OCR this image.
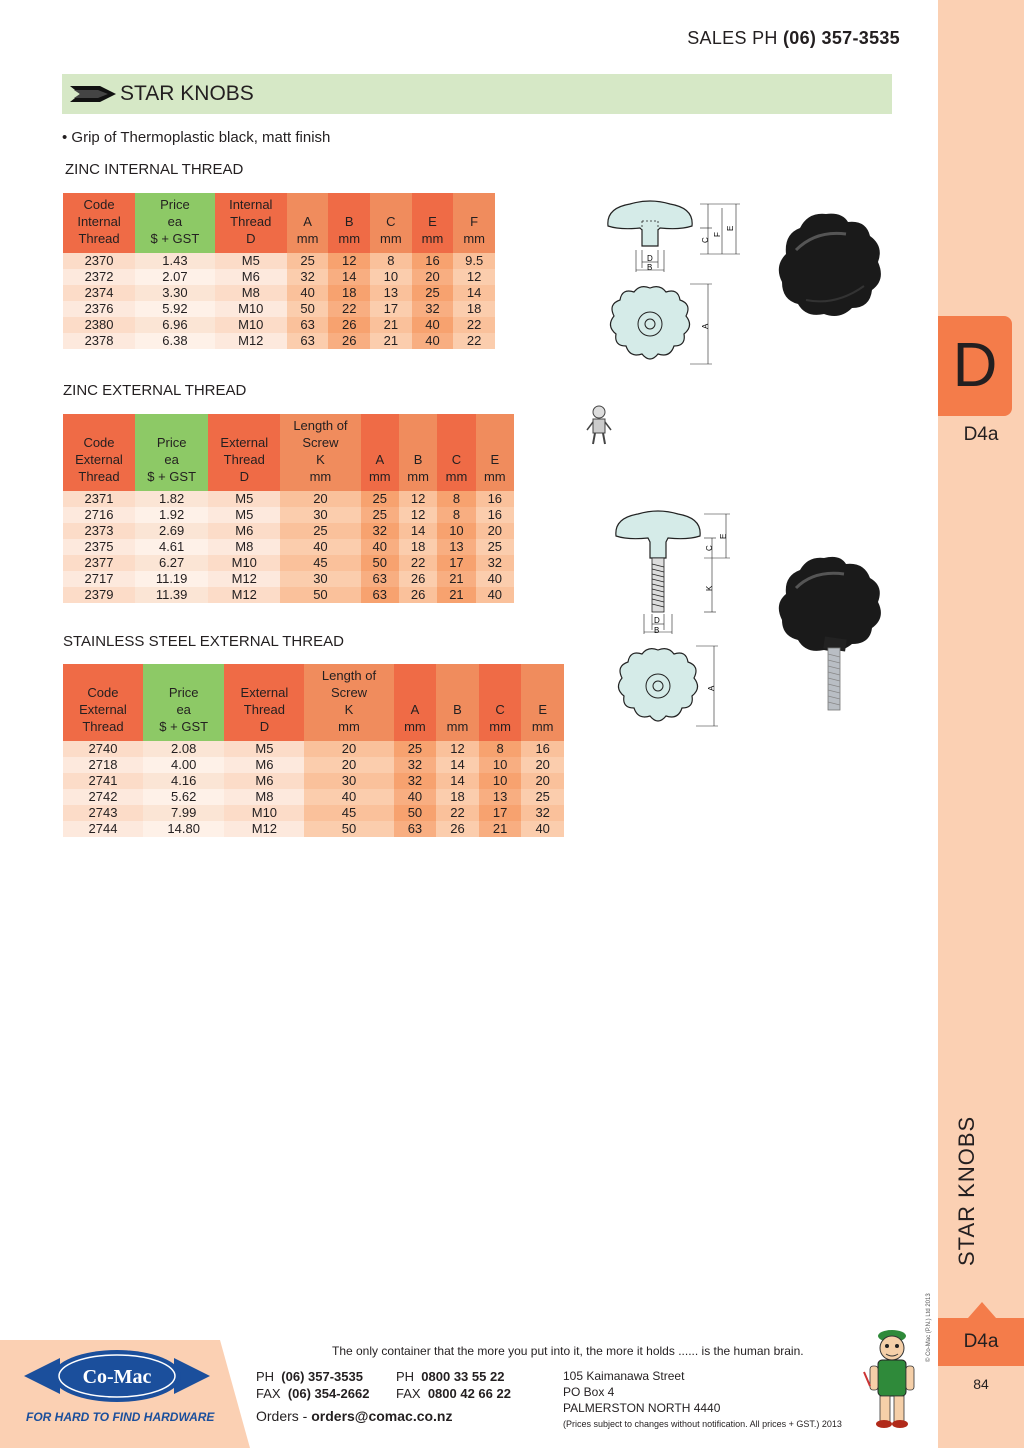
D
D4a
STAR KNOBS
© Co-Mac (P.N.) Ltd 2013	D4a
84
SALES PH (06) 357-3535
STAR KNOBS
• Grip of Thermoplastic black, matt finish
ZINC INTERNAL THREAD
Code
Internal
Thread	Price
ea
$ + GST	Internal
Thread
D	A
mm	B
mm	C
mm	E
mm	F
mm
2370	1.43	M5	25	12	8	16	9.5
2372	2.07	M6	32	14	10	20	12
2374	3.30	M8	40	18	13	25	14
2376	5.92	M10	50	22	17	32	18
2380	6.96	M10	63	26	21	40	22
2378	6.38	M12	63	26	21	40	22
ZINC EXTERNAL THREAD
Code
External
Thread	Price
ea
$ + GST	External
Thread
D	Length of
Screw
K
mm	A
mm	B
mm	C
mm	E
mm
2371	1.82	M5	20	25	12	8	16
2716	1.92	M5	30	25	12	8	16
2373	2.69	M6	25	32	14	10	20
2375	4.61	M8	40	40	18	13	25
2377	6.27	M10	45	50	22	17	32
2717	11.19	M12	30	63	26	21	40
2379	11.39	M12	50	63	26	21	40
STAINLESS STEEL EXTERNAL THREAD
Code
External
Thread	Price
ea
$ + GST	External
Thread
D	Length of
Screw
K
mm	A
mm	B
mm	C
mm	E
mm
2740	2.08	M5	20	25	12	8	16
2718	4.00	M6	20	32	14	10	20
2741	4.16	M6	30	32	14	10	20
2742	5.62	M8	40	40	18	13	25
2743	7.99	M10	45	50	22	17	32
2744	14.80	M12	50	63	26	21	40
C
F
E
D
B
A
C
E
K
D
B
A
Co-Mac
FOR HARD TO FIND HARDWARE
The only container that the more you put into it, the more it holds ...... is the human brain.
PH (06) 357-3535
FAX (06) 354-2662
PH 0800 33 55 22
FAX 0800 42 66 22
Orders - orders@comac.co.nz
105 Kaimanawa Street
PO Box 4
PALMERSTON NORTH 4440
(Prices subject to changes without notification. All prices + GST.) 2013
